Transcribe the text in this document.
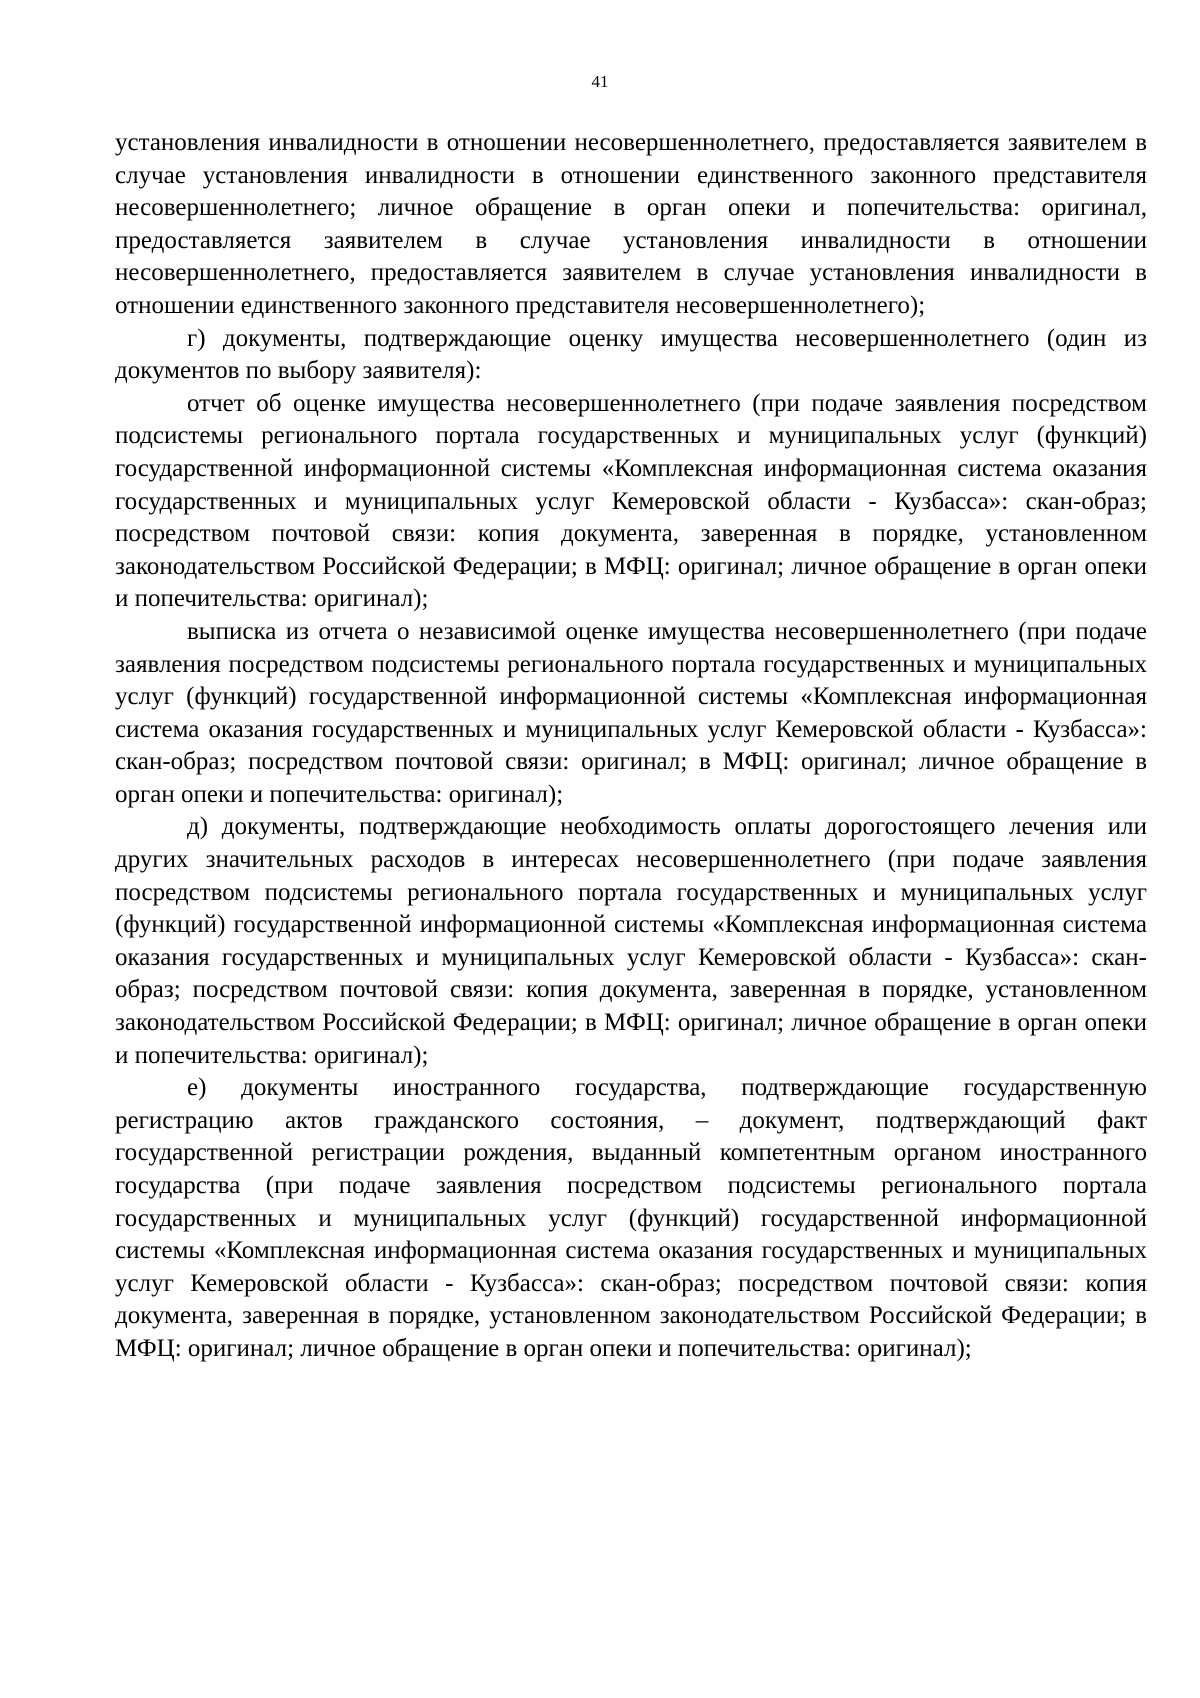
41

установления инвалидности в отношении несовершеннолетнего, предоставляется заявителем в случае установления инвалидности в отношении единственного законного представителя несовершеннолетнего; личное обращение в орган опеки и попечительства: оригинал, предоставляется заявителем в случае установления инвалидности в отношении несовершеннолетнего, предоставляется заявителем в случае установления инвалидности в отношении единственного законного представителя несовершеннолетнего);

г) документы, подтверждающие оценку имущества несовершеннолетнего (один из документов по выбору заявителя):

отчет об оценке имущества несовершеннолетнего (при подаче заявления посредством подсистемы регионального портала государственных и муниципальных услуг (функций) государственной информационной системы «Комплексная информационная система оказания государственных и муниципальных услуг Кемеровской области - Кузбасса»: скан-образ; посредством почтовой связи: копия документа, заверенная в порядке, установленном законодательством Российской Федерации; в МФЦ: оригинал; личное обращение в орган опеки и попечительства: оригинал);

выписка из отчета о независимой оценке имущества несовершеннолетнего (при подаче заявления посредством подсистемы регионального портала государственных и муниципальных услуг (функций) государственной информационной системы «Комплексная информационная система оказания государственных и муниципальных услуг Кемеровской области - Кузбасса»: скан-образ; посредством почтовой связи: оригинал; в МФЦ: оригинал; личное обращение в орган опеки и попечительства: оригинал);

д) документы, подтверждающие необходимость оплаты дорогостоящего лечения или других значительных расходов в интересах несовершеннолетнего (при подаче заявления посредством подсистемы регионального портала государственных и муниципальных услуг (функций) государственной информационной системы «Комплексная информационная система оказания государственных и муниципальных услуг Кемеровской области - Кузбасса»: скан-образ; посредством почтовой связи: копия документа, заверенная в порядке, установленном законодательством Российской Федерации; в МФЦ: оригинал; личное обращение в орган опеки и попечительства: оригинал);

е) документы иностранного государства, подтверждающие государственную регистрацию актов гражданского состояния, – документ, подтверждающий факт государственной регистрации рождения, выданный компетентным органом иностранного государства (при подаче заявления посредством подсистемы регионального портала государственных и муниципальных услуг (функций) государственной информационной системы «Комплексная информационная система оказания государственных и муниципальных услуг Кемеровской области - Кузбасса»: скан-образ; посредством почтовой связи: копия документа, заверенная в порядке, установленном законодательством Российской Федерации; в МФЦ: оригинал; личное обращение в орган опеки и попечительства: оригинал);
